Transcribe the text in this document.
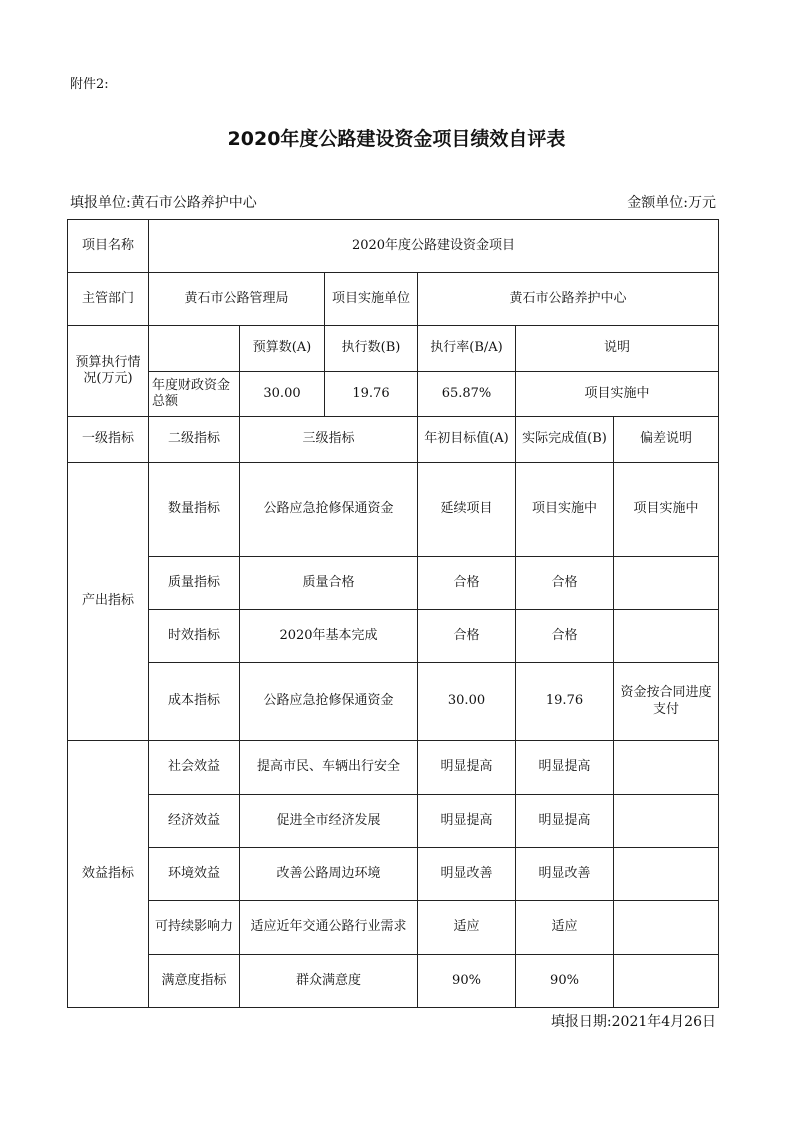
附件2:
2020年度公路建设资金项目绩效自评表
填报单位:黄石市公路养护中心	金额单位:万元
项目名称	2020年度公路建设资金项目					
主管部门	黄石市公路管理局		项目实施单位	黄石市公路养护中心		
预算执行情况(万元)		预算数(A)	执行数(B)	执行率(B/A)	说明	
	年度财政资金总额	30.00	19.76	65.87%	项目实施中	
一级指标	二级指标	三级指标		年初目标值(A)	实际完成值(B)	偏差说明
产出指标	数量指标	公路应急抢修保通资金		延续项目	项目实施中	项目实施中
	质量指标	质量合格		合格	合格	
	时效指标	2020年基本完成		合格	合格	
	成本指标	公路应急抢修保通资金		30.00	19.76	资金按合同进度支付
效益指标	社会效益	提高市民、车辆出行安全		明显提高	明显提高	
	经济效益	促进全市经济发展		明显提高	明显提高	
	环境效益	改善公路周边环境		明显改善	明显改善	
	可持续影响力	适应近年交通公路行业需求		适应	适应	
	满意度指标	群众满意度		90%	90%	
填报日期:2021年4月26日
